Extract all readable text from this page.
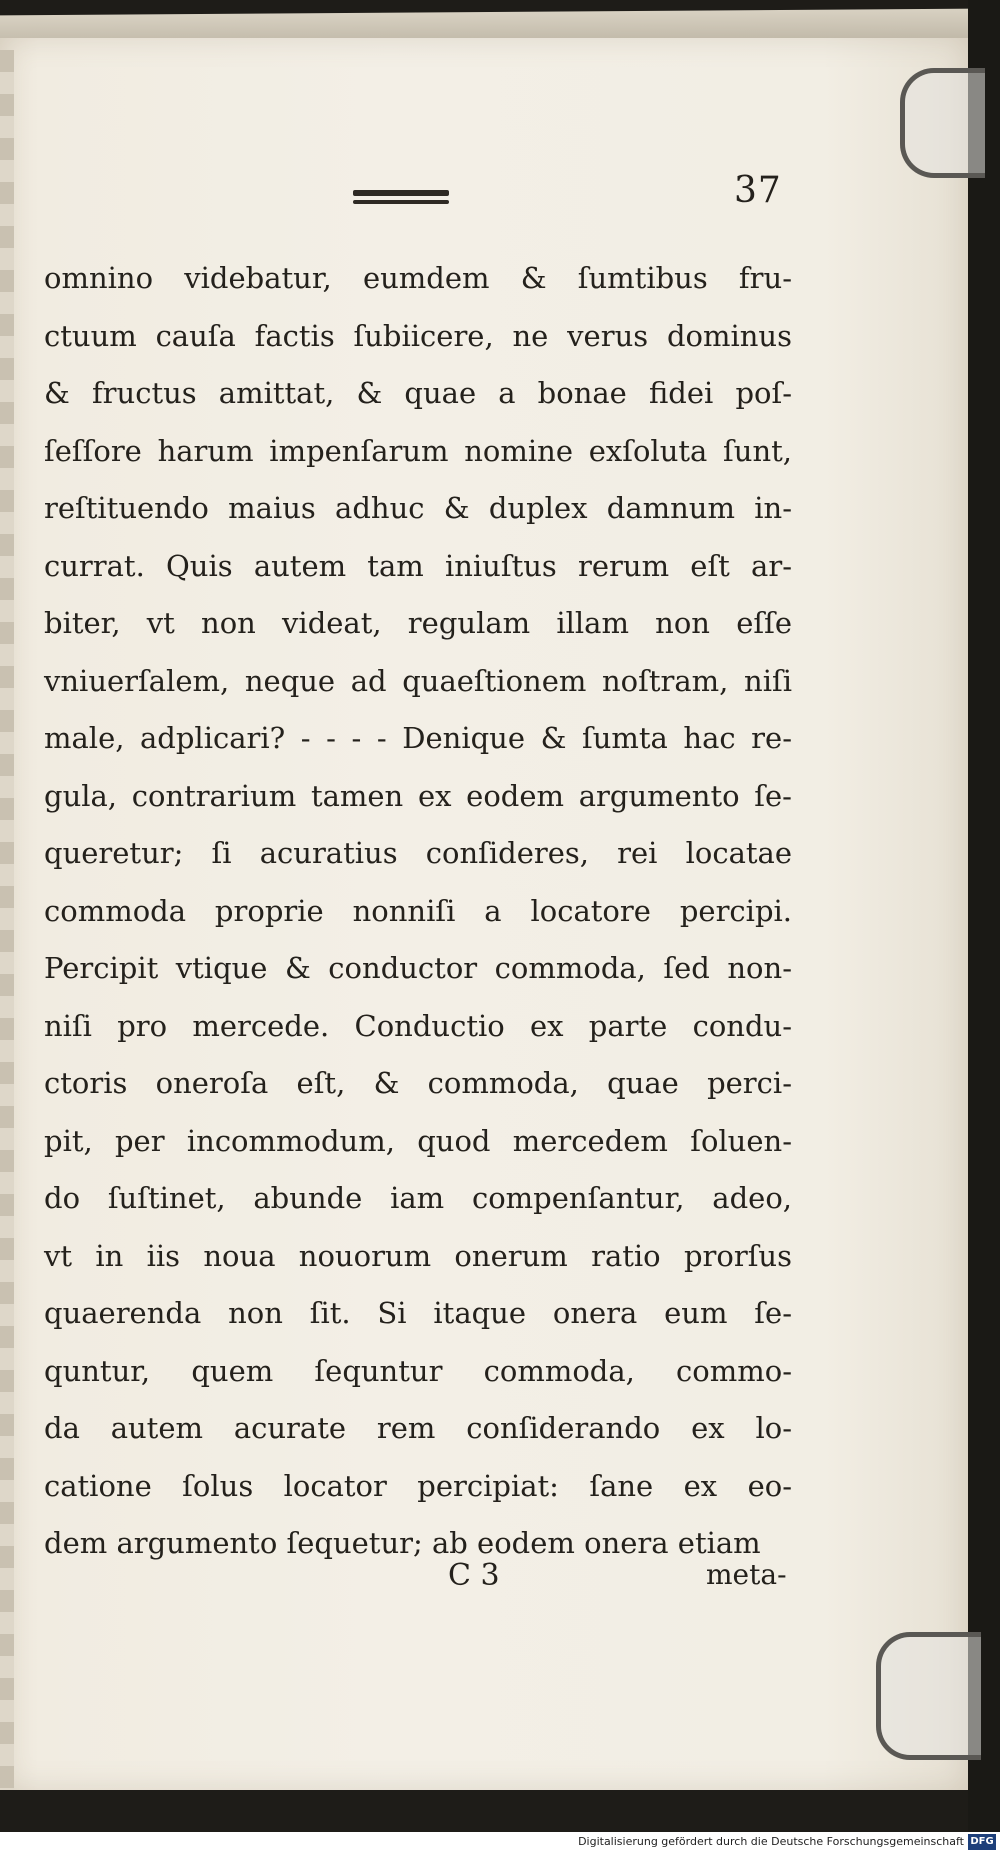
37
omnino videbatur, eumdem & ſumtibus fru-
ctuum cauſa factis ſubiicere, ne verus dominus
& fructus amittat, & quae a bonae fidei poſ-
ſeſſore harum impenſarum nomine exſoluta ſunt,
reſtituendo maius adhuc & duplex damnum in-
currat. Quis autem tam iniuſtus rerum eſt ar-
biter, vt non videat, regulam illam non eſſe
vniuerſalem, neque ad quaeſtionem noſtram, niſi
male, adplicari? - - - - Denique & ſumta hac re-
gula, contrarium tamen ex eodem argumento ſe-
queretur; ſi acuratius conſideres, rei locatae
commoda proprie nonniſi a locatore percipi.
Percipit vtique & conductor commoda, ſed non-
niſi pro mercede. Conductio ex parte condu-
ctoris oneroſa eſt, & commoda, quae perci-
pit, per incommodum, quod mercedem ſoluen-
do ſuſtinet, abunde iam compenſantur, adeo,
vt in iis noua nouorum onerum ratio prorſus
quaerenda non ſit. Si itaque onera eum ſe-
quntur, quem ſequntur commoda, commo-
da autem acurate rem conſiderando ex lo-
catione ſolus locator percipiat: ſane ex eo-
dem argumento ſequetur; ab eodem onera etiam
C 3	meta-
Digitalisierung gefördert durch die Deutsche Forschungsgemeinschaft DFG
